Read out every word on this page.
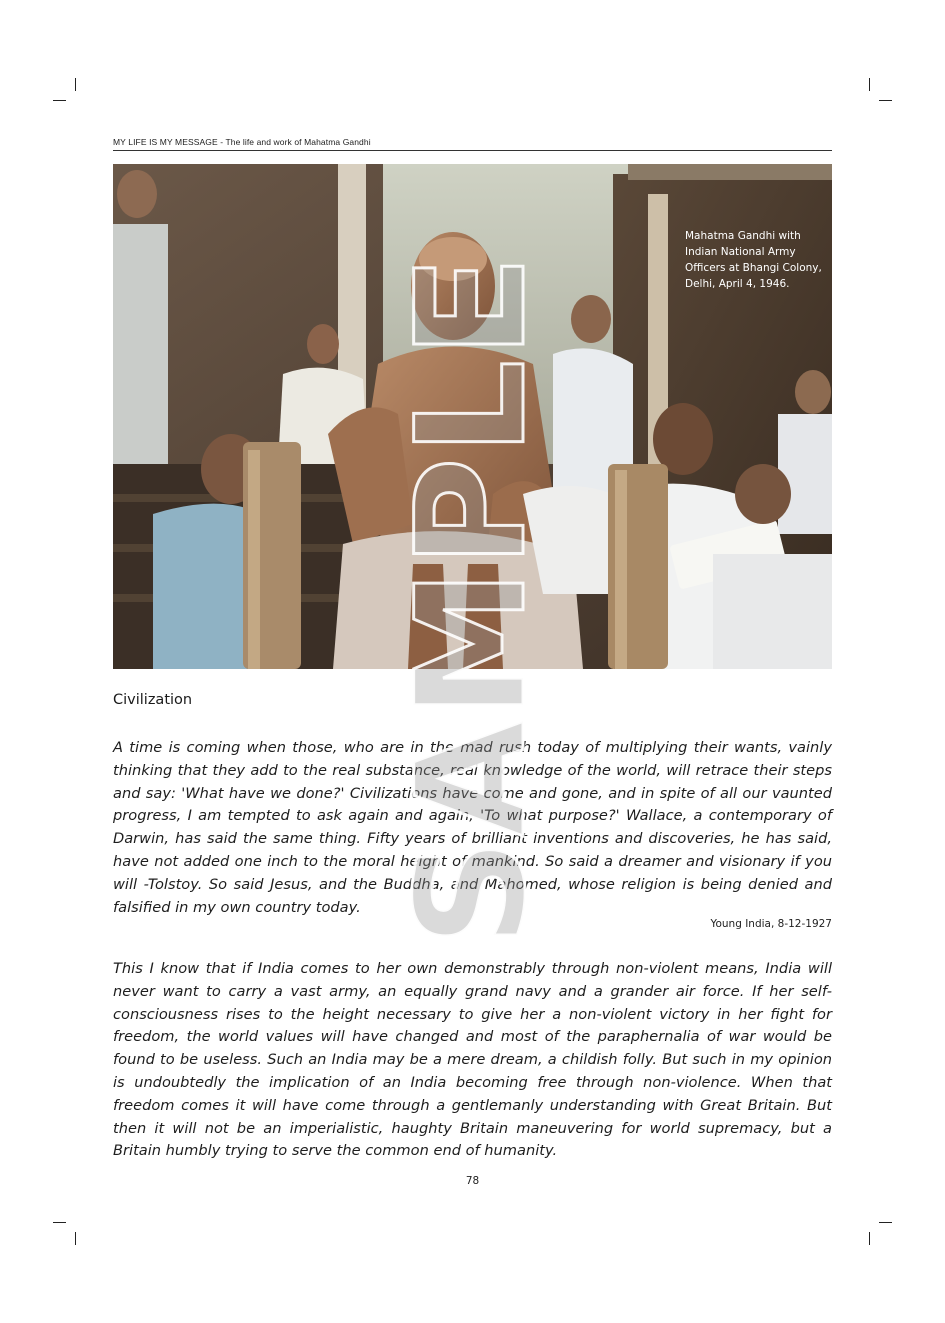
MY LIFE IS MY MESSAGE - The life and work of Mahatma Gandhi
Mahatma Gandhi with Indian National Army Officers at Bhangi Colony, Delhi, April 4, 1946.
Civilization

A time is coming when those, who are in the mad rush today of multiplying their wants, vainly thinking that they add to the real substance, real knowledge of the world, will retrace their steps and say: 'What have we done?' Civilizations have come and gone, and in spite of all our vaunted progress, I am tempted to ask again and again, 'To what purpose?' Wallace, a contemporary of Darwin, has said the same thing. Fifty years of brilliant inventions and discoveries, he has said, have not added one inch to the moral height of mankind. So said a dreamer and visionary if you will -Tolstoy. So said Jesus, and the Buddha, and Mahomed, whose religion is being denied and falsified in my own country today.

Young India, 8-12-1927

This I know that if India comes to her own demonstrably through non-violent means, India will never want to carry a vast army, an equally grand navy and a grander air force. If her self-consciousness rises to the height necessary to give her a non-violent victory in her fight for freedom, the world values will have changed and most of the paraphernalia of war would be found to be useless. Such an India may be a mere dream, a childish folly. But such in my opinion is undoubtedly the implication of an India becoming free through non-violence. When that freedom comes it will have come through a gentlemanly understanding with Great Britain. But then it will not be an imperialistic, haughty Britain maneuvering for world supremacy, but a Britain humbly trying to serve the common end of humanity.

78
SAMPLE
